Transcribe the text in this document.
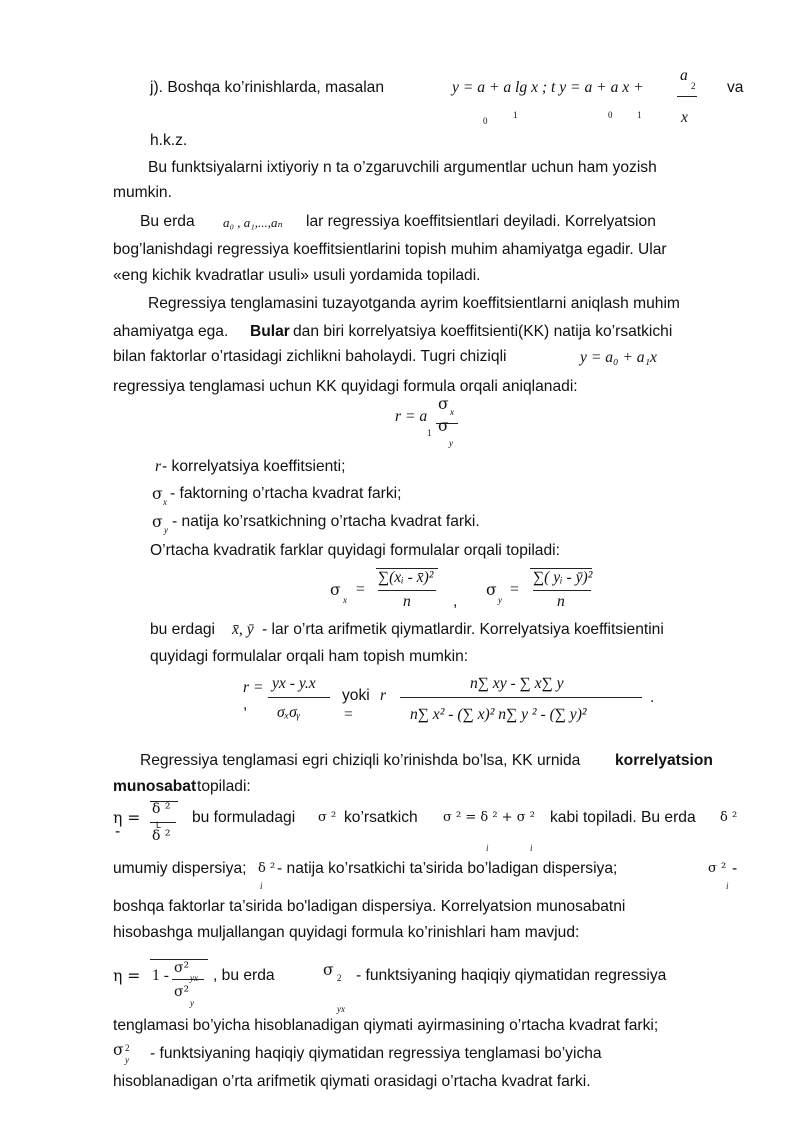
j). Boshqa ko’rinishlarda, masalan	y = a + a lg x ; t y = a + a x +
a
2
x
0
1	0	1
va
h.k.z.
Bu funktsiyalarni ixtiyoriy n ta o’zgaruvchili argumentlar uchun ham yozish
mumkin.
Bu erda a₀ , a₁,...,aₙ lar regressiya koeffitsientlari deyiladi. Korrelyatsion
bog’lanishdagi regressiya koeffitsientlarini topish muhim ahamiyatga egadir. Ular
«eng kichik kvadratlar usuli» usuli yordamida topiladi.
Regressiya tenglamasini tuzayotganda ayrim koeffitsientlarni aniqlash muhim
ahamiyatga ega. Bular dan biri korrelyatsiya koeffitsienti(KK) natija ko’rsatkichi
bilan faktorlar o’rtasidagi zichlikni baholaydi. Tugri chiziqli	y = a₀ + a₁x
regressiya tenglamasi uchun KK quyidagi formula orqali aniqlanadi:
r = a
1
σ x
σ
y
r - korrelyatsiya koeffitsienti;
σ x - faktorning o’rtacha kvadrat farki;
σ y - natija ko’rsatkichning o’rtacha kvadrat farki.
O’rtacha kvadratik farklar quyidagi formulalar orqali topiladi:
σ
x
=
∑(xᵢ - x̄)²
n	,
σ
y
=
∑( yᵢ - ȳ)²
n
bu erdagi x̄, ȳ - lar o’rta arifmetik qiymatlardir. Korrelyatsiya koeffitsientini
quyidagi formulalar orqali ham topish mumkin:
r =
,
yx - y.x
σₓσᵧ
yoki r
=
n∑ xy - ∑ x∑ y
n∑ x² - (∑ x)² n∑ y ² - (∑ y)²
.
Regressiya tenglamasi egri chiziqli ko’rinishda bo’lsa, KK urnida korrelyatsion
munosabat topiladi:
η =
-
δ ²
L
δ ²
bu formuladagi σ ² ko’rsatkich σ ² = δ ² + σ ²
i	i
kabi topiladi. Bu erda δ ²
umumiy dispersiya; δ ²
i
- natija ko’rsatkichi ta’sirida bo’ladigan dispersiya;	σ ²
i
-
boshqa faktorlar ta’sirida bo'ladigan dispersiya. Korrelyatsion munosabatni
hisobashga muljallangan quyidagi formula ko’rinishlari ham mavjud:
η = 1 - σ²
yx
σ²
y
, bu erda	σ 2
yx
- funktsiyaning haqiqiy qiymatidan regressiya
tenglamasi bo’yicha hisoblanadigan qiymati ayirmasining o’rtacha kvadrat farki;
σ 2
y - funktsiyaning haqiqiy qiymatidan regressiya tenglamasi bo’yicha
hisoblanadigan o’rta arifmetik qiymati orasidagi o’rtacha kvadrat farki.
